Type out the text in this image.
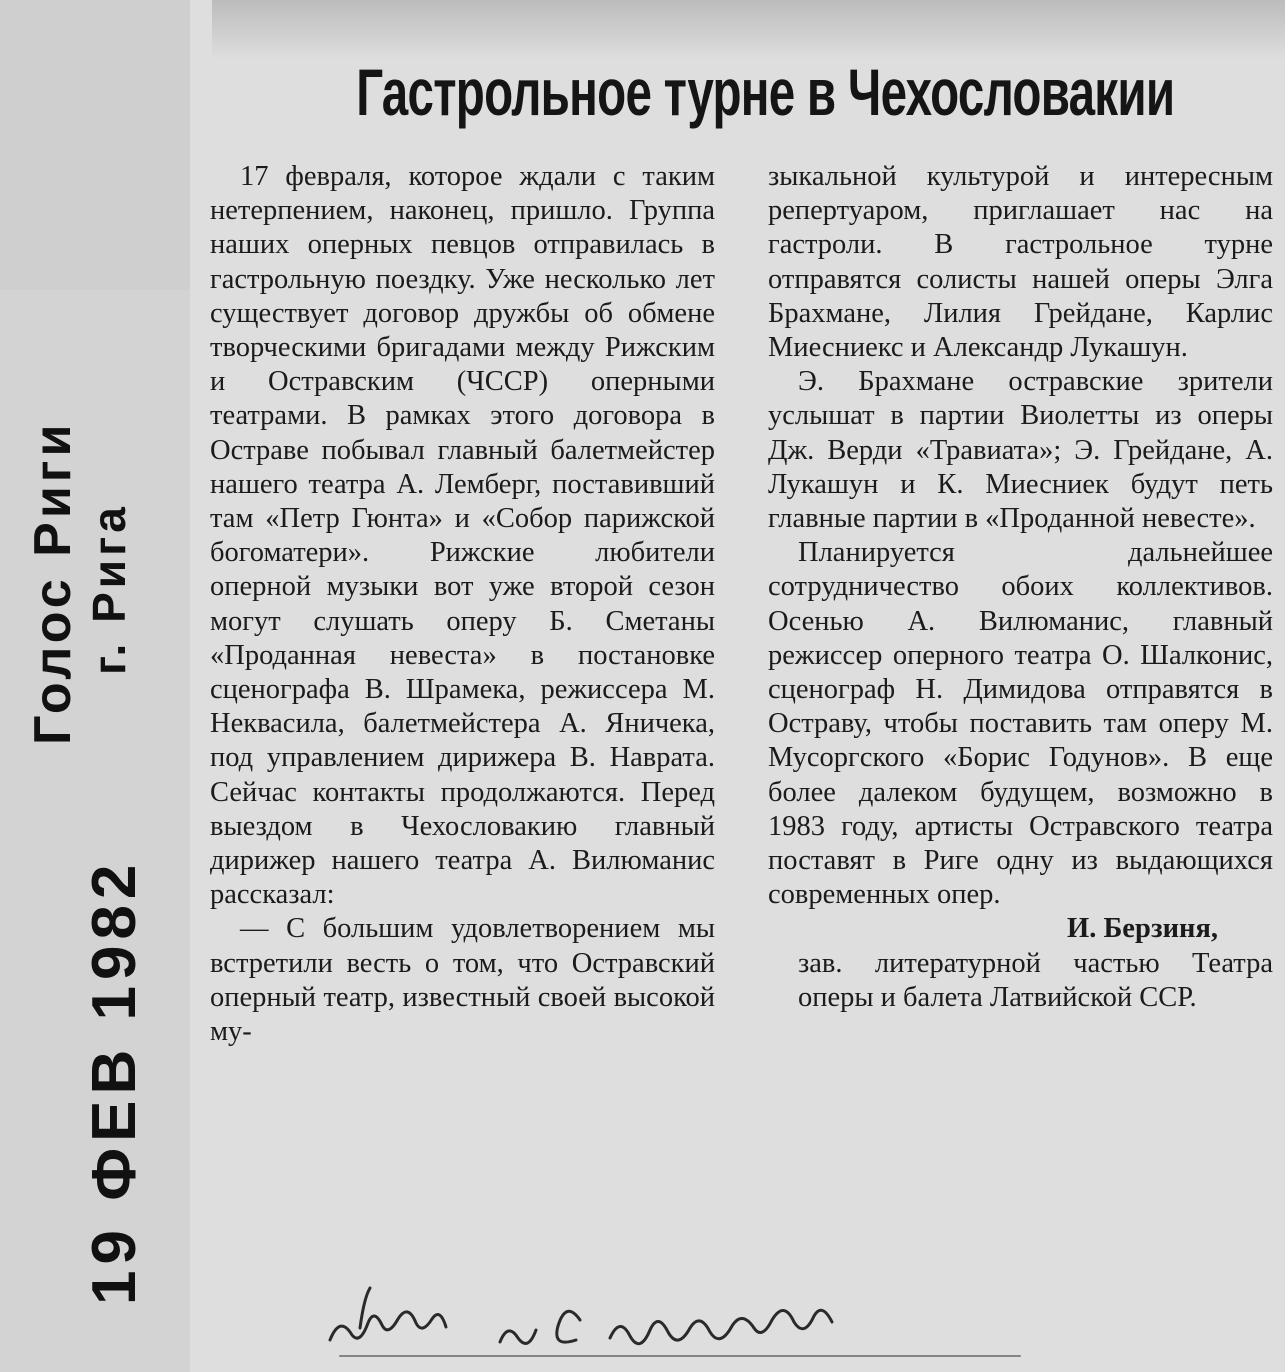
Гастрольное турне в Чехословакии

17 февраля, которое ждали с таким нетерпением, наконец, пришло. Группа наших оперных певцов отправилась в гастрольную поездку. Уже несколько лет существует договор дружбы об обмене творческими бригадами между Рижским и Остравским (ЧССР) оперными театрами. В рамках этого договора в Остраве побывал главный балетмейстер нашего театра А. Лемберг, поставивший там «Петр Гюнта» и «Собор парижской богоматери». Рижские любители оперной музыки вот уже второй сезон могут слушать оперу Б. Сметаны «Проданная невеста» в постановке сценографа В. Шрамека, режиссера М. Неквасила, балетмейстера А. Яничека, под управлением дирижера В. Наврата. Сейчас контакты продолжаются. Перед выездом в Чехословакию главный дирижер нашего театра А. Вилюманис рассказал:

— С большим удовлетворением мы встретили весть о том, что Остравский оперный театр, известный своей высокой му-

зыкальной культурой и интересным репертуаром, приглашает нас на гастроли. В гастрольное турне отправятся солисты нашей оперы Элга Брахмане, Лилия Грейдане, Карлис Миесниекс и Александр Лукашун.

Э. Брахмане остравские зрители услышат в партии Виолетты из оперы Дж. Верди «Травиата»; Э. Грейдане, А. Лукашун и К. Миесниек будут петь главные партии в «Проданной невесте».

Планируется дальнейшее сотрудничество обоих коллективов. Осенью А. Вилюманис, главный режиссер оперного театра О. Шалконис, сценограф Н. Димидова отправятся в Остраву, чтобы поставить там оперу М. Мусоргского «Борис Годунов». В еще более далеком будущем, возможно в 1983 году, артисты Остравского театра поставят в Риге одну из выдающихся современных опер.

И. Берзиня,

зав. литературной частью Театра оперы и балета Латвийской ССР.

Голос Риги г. Рига
19 ФЕВ 1982
карта культсвязи
